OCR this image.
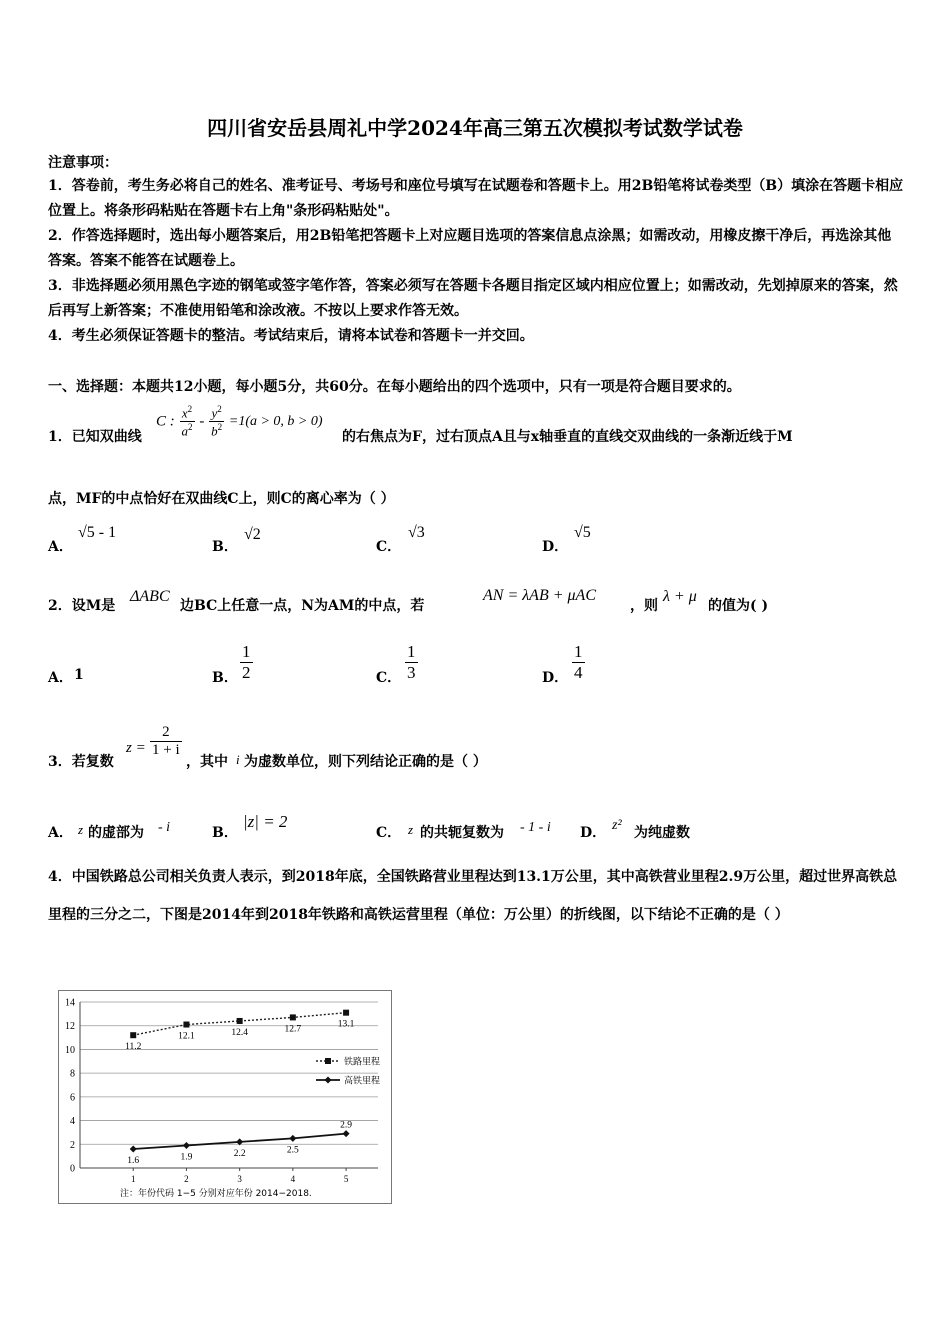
四川省安岳县周礼中学2024年高三第五次模拟考试数学试卷
注意事项：
1．答卷前，考生务必将自己的姓名、准考证号、考场号和座位号填写在试题卷和答题卡上。用2B铅笔将试卷类型（B）填涂在答题卡相应位置上。将条形码粘贴在答题卡右上角"条形码粘贴处"。
2．作答选择题时，选出每小题答案后，用2B铅笔把答题卡上对应题目选项的答案信息点涂黑；如需改动，用橡皮擦干净后，再选涂其他答案。答案不能答在试题卷上。
3．非选择题必须用黑色字迹的钢笔或签字笔作答，答案必须写在答题卡各题目指定区域内相应位置上；如需改动，先划掉原来的答案，然后再写上新答案；不准使用铅笔和涂改液。不按以上要求作答无效。
4．考生必须保证答题卡的整洁。考试结束后，请将本试卷和答题卡一并交回。
一、选择题：本题共12小题，每小题5分，共60分。在每小题给出的四个选项中，只有一项是符合题目要求的。
1．已知双曲线
C : $\frac{x^2}{a^2} - \frac{y^2}{b^2} =1(a > 0$, b > 0)
的右焦点为F，过右顶点A且与x轴垂直的直线交双曲线的一条渐近线于M
点，MF的中点恰好在双曲线C上，则C的离心率为（ ）
A．
√5 - 1
B．
√2
C．
√3
D．
√5
2．设M是
ΔABC
边BC上任意一点，N为AM的中点，若
AN = λAB + μAC
，则
λ + μ
的值为( )
A． 1	B． $\frac{1}{2}$	C． $\frac{1}{3}$	D． $\frac{1}{4}$
3．若复数
$z = \frac{2}{1 + i}$
，其中 i 为虚数单位，则下列结论正确的是（ ）
A． z 的虚部为 - i	B．
|z| = 2
C． z 的共轭复数为 - 1 - i D． z² 为纯虚数
4．中国铁路总公司相关负责人表示，到2018年底，全国铁路营业里程达到13.1万公里，其中高铁营业里程2.9万公里，超过世界高铁总里程的三分之二，下图是2014年到2018年铁路和高铁运营里程（单位：万公里）的折线图，以下结论不正确的是（ ）
0
2
4
6
8
10
12
14
1	2	3	4	5
11.2
12.1	12.4	12.7	13.1
1.6	1.9	2.2	2.5
2.9
铁路里程
高铁里程
注：年份代码 1−5 分别对应年份 2014−2018.
